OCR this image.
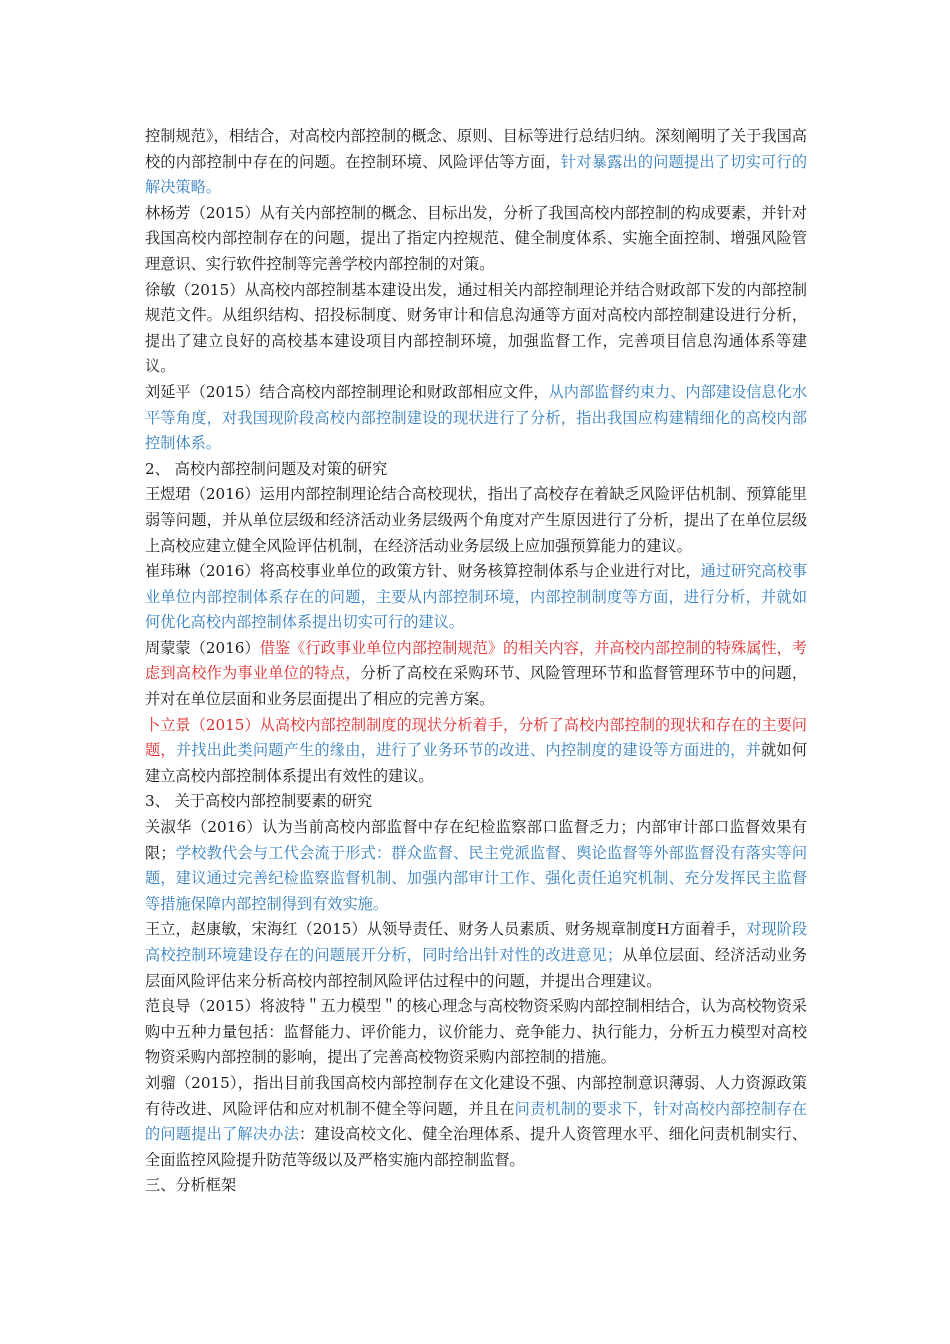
控制规范》，相结合，对高校内部控制的概念、原则、目标等进行总结归纳。深刻阐明了关于我国高校的内部控制中存在的问题。在控制环境、风险评估等方面，针对暴露出的问题提出了切实可行的解决策略。

林杨芳（2015）从有关内部控制的概念、目标出发，分析了我国高校内部控制的构成要素，并针对我国高校内部控制存在的问题，提出了指定内控规范、健全制度体系、实施全面控制、增强风险管理意识、实行软件控制等完善学校内部控制的对策。

徐敏（2015）从高校内部控制基本建设出发，通过相关内部控制理论并结合财政部下发的内部控制规范文件。从组织结构、招投标制度、财务审计和信息沟通等方面对高校内部控制建设进行分析，提出了建立良好的高校基本建设项目内部控制环境，加强监督工作，完善项目信息沟通体系等建议。

刘延平（2015）结合高校内部控制理论和财政部相应文件，从内部监督约束力、内部建设信息化水平等角度，对我国现阶段高校内部控制建设的现状进行了分析，指出我国应构建精细化的高校内部控制体系。

2、 高校内部控制问题及对策的研究

王煜珺（2016）运用内部控制理论结合高校现状，指出了高校存在着缺乏风险评估机制、预算能里弱等问题，并从单位层级和经济活动业务层级两个角度对产生原因进行了分析，提出了在单位层级上高校应建立健全风险评估机制，在经济活动业务层级上应加强预算能力的建议。

崔玮琳（2016）将高校事业单位的政策方针、财务核算控制体系与企业进行对比，通过研究高校事业单位内部控制体系存在的问题，主要从内部控制环境，内部控制制度等方面，进行分析，并就如何优化高校内部控制体系提出切实可行的建议。

周蒙蒙（2016）借鉴《行政事业单位内部控制规范》的相关内容，并高校内部控制的特殊属性，考虑到高校作为事业单位的特点，分析了高校在采购环节、风险管理环节和监督管理环节中的问题，并对在单位层面和业务层面提出了相应的完善方案。

卜立景（2015）从高校内部控制制度的现状分析着手，分析了高校内部控制的现状和存在的主要问题，并找出此类问题产生的缘由，进行了业务环节的改进、内控制度的建设等方面进的，并就如何建立高校内部控制体系提出有效性的建议。

3、 关于高校内部控制要素的研究

关淑华（2016）认为当前高校内部监督中存在纪检监察部口监督乏力；内部审计部口监督效果有限；学校教代会与工代会流于形式：群众监督、民主党派监督、舆论监督等外部监督没有落实等问题，建议通过完善纪检监察监督机制、加强内部审计工作、强化责任追究机制、充分发挥民主监督等措施保障内部控制得到有效实施。

王立，赵康敏，宋海红（2015）从领导责任、财务人员素质、财务规章制度H方面着手，对现阶段高校控制环境建设存在的问题展开分析，同时给出针对性的改进意见；从单位层面、经济活动业务层面风险评估来分析高校内部控制风险评估过程中的问题，并提出合理建议。

范良导（2015）将波特＂五力模型＂的核心理念与高校物资采购内部控制相结合，认为高校物资采购中五种力量包括：监督能力、评价能力，议价能力、竞争能力、执行能力，分析五力模型对高校物资采购内部控制的影响，提出了完善高校物资采购内部控制的措施。

刘骝（2015），指出目前我国高校内部控制存在文化建设不强、内部控制意识薄弱、人力资源政策有待改进、风险评估和应对机制不健全等问题，并且在问责机制的要求下，针对高校内部控制存在的问题提出了解决办法：建设高校文化、健全治理体系、提升人资管理水平、细化问责机制实行、全面监控风险提升防范等级以及严格实施内部控制监督。

三、分析框架
